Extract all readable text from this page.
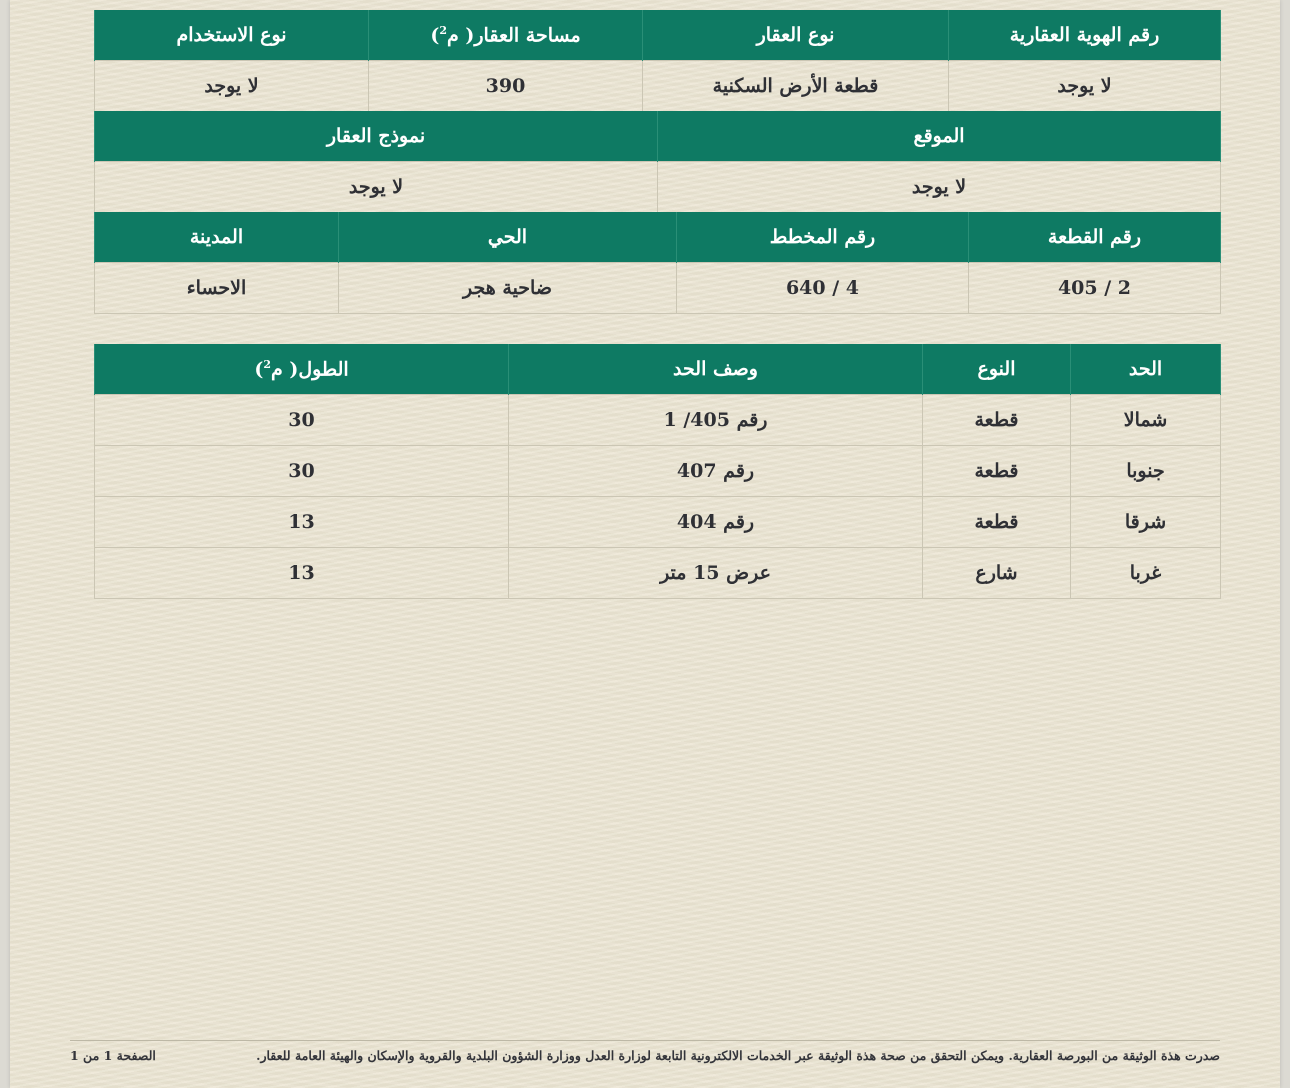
رقم الهوية العقارية	نوع العقار	مساحة العقار( م$^2$)	نوع الاستخدام
لا يوجد	قطعة الأرض السكنية	390	لا يوجد
الموقع	نموذج العقار
لا يوجد	لا يوجد
رقم القطعة	رقم المخطط	الحي	المدينة
2 / 405	4 / 640	ضاحية هجر	الاحساء
الحد	النوع	وصف الحد	الطول( م$^2$)
شمالا	قطعة	رقم 405/ 1	30
جنوبا	قطعة	رقم 407	30
شرقا	قطعة	رقم 404	13
غربا	شارع	عرض 15 متر	13
صدرت هذة الوثيقة من البورصة العقارية. ويمكن التحقق من صحة هذة الوثيقة عبر الخدمات الالكترونية التابعة لوزارة العدل ووزارة الشؤون البلدية والقروية والإسكان والهيئة العامة للعقار.
الصفحة 1 من 1
